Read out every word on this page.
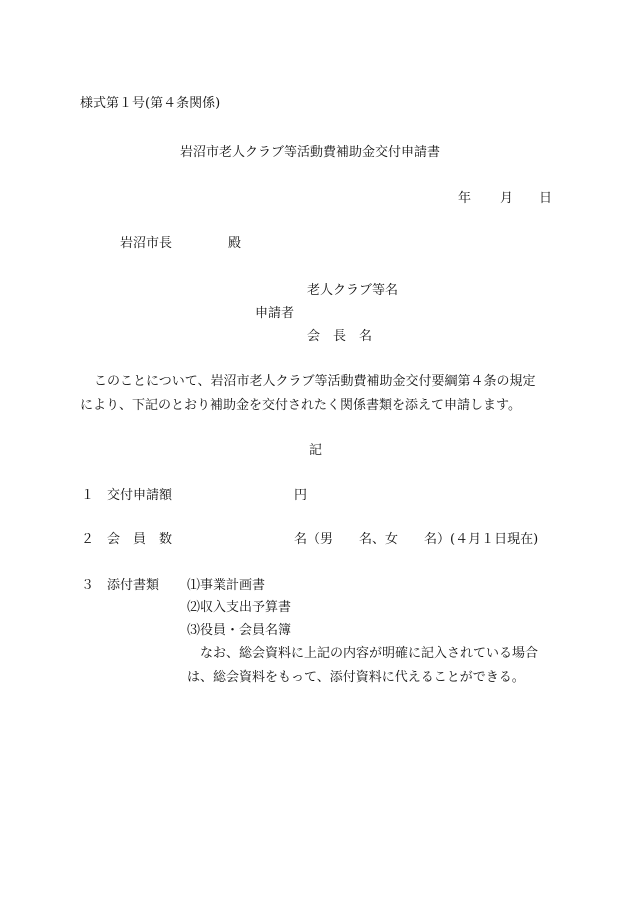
様式第１号(第４条関係)
岩沼市老人クラブ等活動費補助金交付申請書
年 月 日
岩沼市長	殿
老人クラブ等名
申請者
会　長　名
このことについて、岩沼市老人クラブ等活動費補助金交付要綱第４条の規定
により、下記のとおり補助金を交付されたく関係書類を添えて申請します。
記
１ 交付申請額	円
２ 会　員　数	名（男　　名、女　　名）(４月１日現在)
３ 添付書類 ⑴事業計画書
⑵収入支出予算書
⑶役員・会員名簿
なお、総会資料に上記の内容が明確に記入されている場合
は、総会資料をもって、添付資料に代えることができる。
